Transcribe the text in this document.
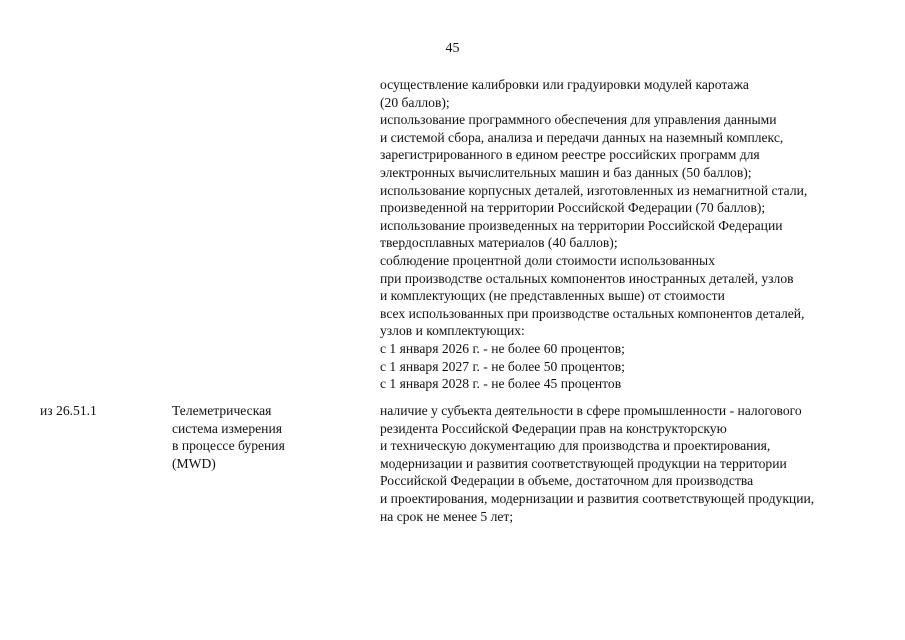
45
осуществление калибровки или градуировки модулей каротажа
(20 баллов);
использование программного обеспечения для управления данными
и системой сбора, анализа и передачи данных на наземный комплекс,
зарегистрированного в едином реестре российских программ для
электронных вычислительных машин и баз данных (50 баллов);
использование корпусных деталей, изготовленных из немагнитной стали,
произведенной на территории Российской Федерации (70 баллов);
использование произведенных на территории Российской Федерации
твердосплавных материалов (40 баллов);
соблюдение процентной доли стоимости использованных
при производстве остальных компонентов иностранных деталей, узлов
и комплектующих (не представленных выше) от стоимости
всех использованных при производстве остальных компонентов деталей,
узлов и комплектующих:
с 1 января 2026 г. - не более 60 процентов;
с 1 января 2027 г. - не более 50 процентов;
с 1 января 2028 г. - не более 45 процентов
из 26.51.1	Телеметрическая
система измерения
в процессе бурения
(MWD)
наличие у субъекта деятельности в сфере промышленности - налогового
резидента Российской Федерации прав на конструкторскую
и техническую документацию для производства и проектирования,
модернизации и развития соответствующей продукции на территории
Российской Федерации в объеме, достаточном для производства
и проектирования, модернизации и развития соответствующей продукции,
на срок не менее 5 лет;
